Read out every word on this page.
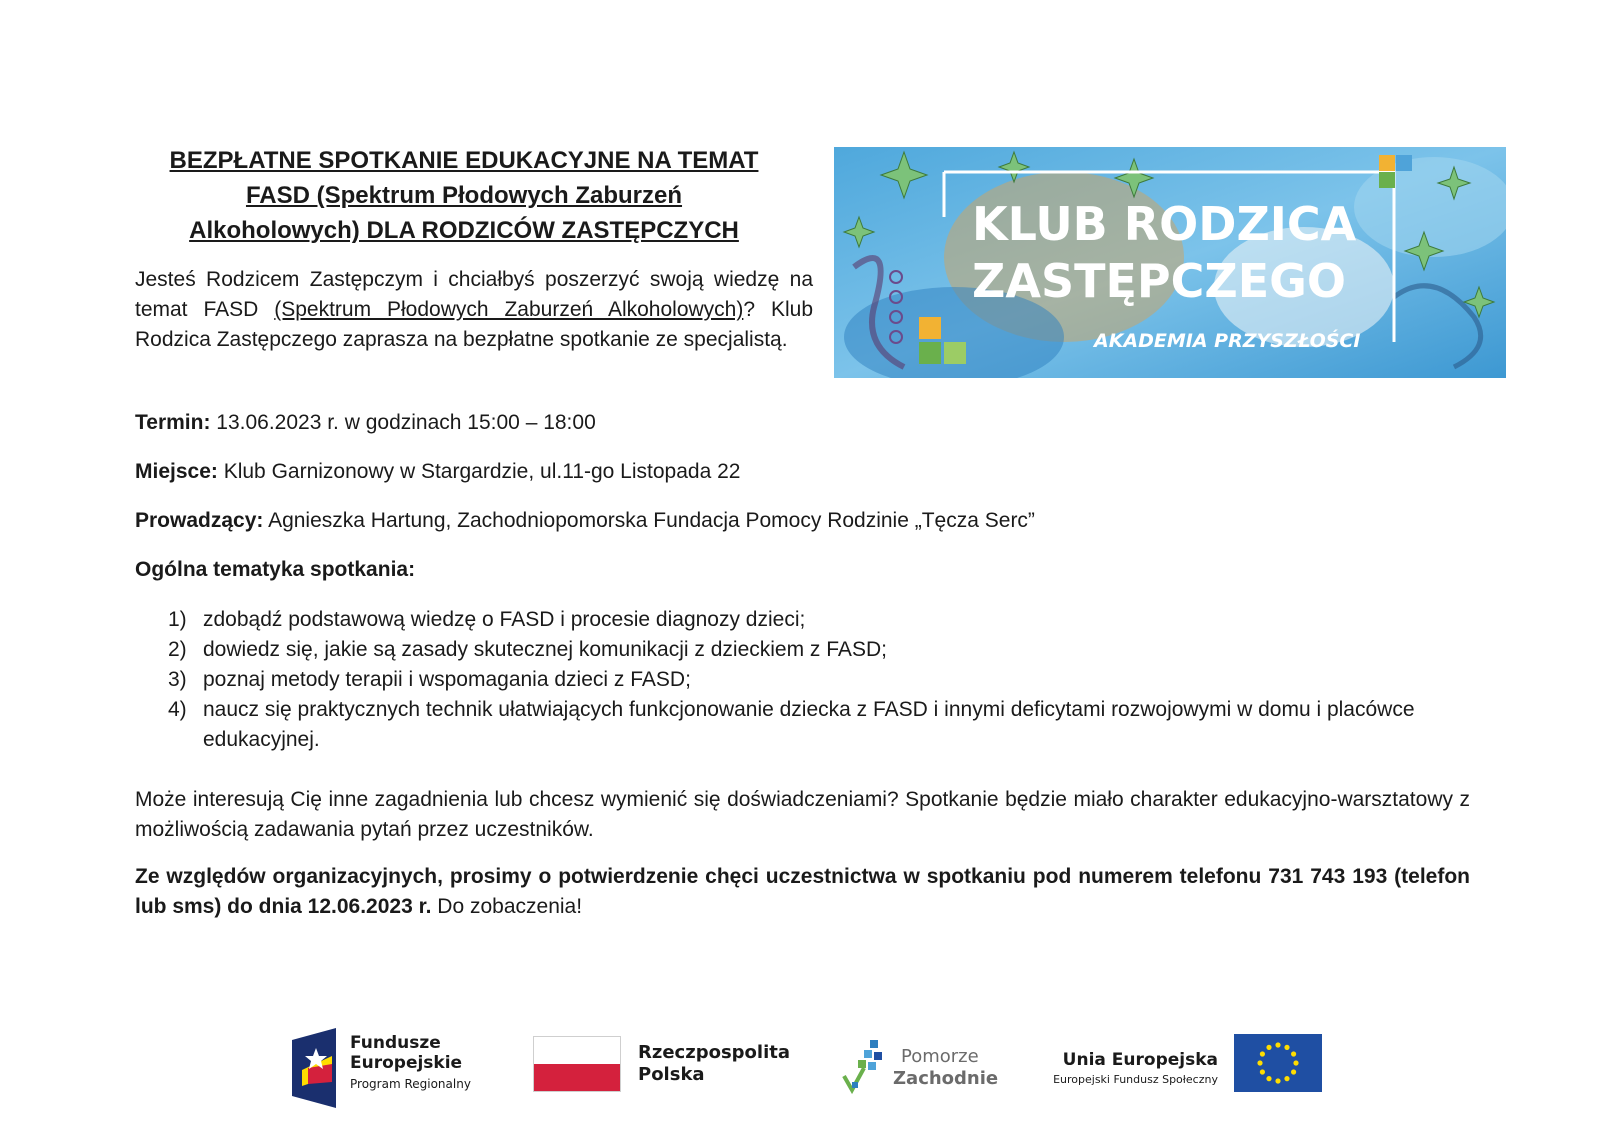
BEZPŁATNE SPOTKANIE EDUKACYJNE NA TEMAT
FASD (Spektrum Płodowych Zaburzeń
Alkoholowych) DLA RODZICÓW ZASTĘPCZYCH
Jesteś Rodzicem Zastępczym i chciałbyś poszerzyć swoją wiedzę na temat FASD (Spektrum Płodowych Zaburzeń Alkoholowych)? Klub Rodzica Zastępczego zaprasza na bezpłatne spotkanie ze specjalistą.
KLUB RODZICA
ZASTĘPCZEGO
AKADEMIA PRZYSZŁOŚCI
Termin: 13.06.2023 r. w godzinach 15:00 – 18:00
Miejsce: Klub Garnizonowy w Stargardzie, ul.11-go Listopada 22
Prowadzący: Agnieszka Hartung, Zachodniopomorska Fundacja Pomocy Rodzinie „Tęcza Serc”
Ogólna tematyka spotkania:
1) zdobądź podstawową wiedzę o FASD i procesie diagnozy dzieci;
2) dowiedz się, jakie są zasady skutecznej komunikacji z dzieckiem z FASD;
3) poznaj metody terapii i wspomagania dzieci z FASD;
4) naucz się praktycznych technik ułatwiających funkcjonowanie dziecka z FASD i innymi deficytami rozwojowymi w domu i placówce edukacyjnej.
Może interesują Cię inne zagadnienia lub chcesz wymienić się doświadczeniami? Spotkanie będzie miało charakter edukacyjno-warsztatowy z możliwością zadawania pytań przez uczestników.
Ze względów organizacyjnych, prosimy o potwierdzenie chęci uczestnictwa w spotkaniu pod numerem telefonu 731 743 193 (telefon lub sms) do dnia 12.06.2023 r. Do zobaczenia!
Fundusze
Europejskie
Program Regionalny
Rzeczpospolita
Polska
Pomorze
Zachodnie
Unia Europejska
Europejski Fundusz Społeczny
